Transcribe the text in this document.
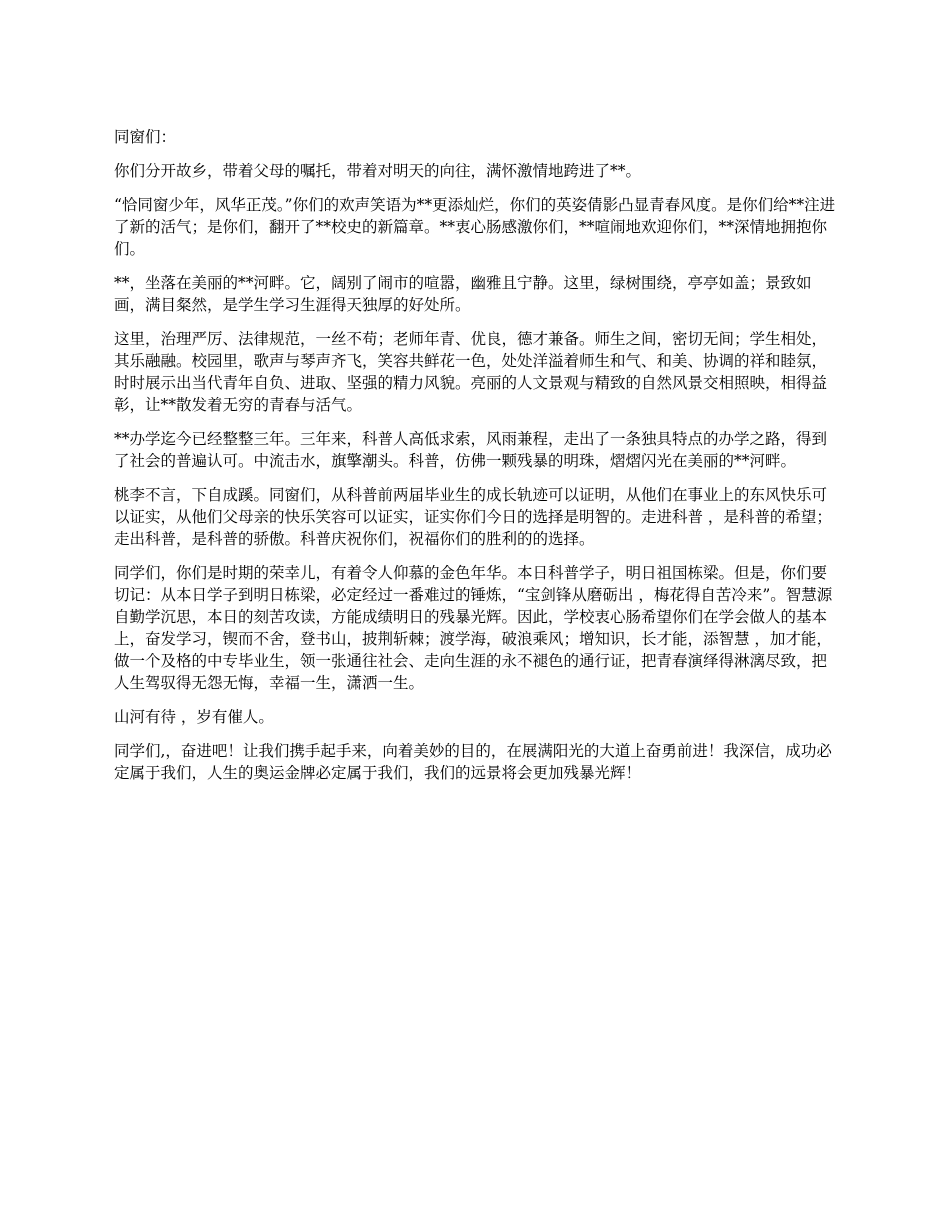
同窗们：

你们分开故乡，带着父母的嘱托，带着对明天的向往，满怀激情地跨进了**。

“恰同窗少年，风华正茂。”你们的欢声笑语为**更添灿烂，你们的英姿倩影凸显青春风度。是你们给**注进了新的活气；是你们，翻开了**校史的新篇章。**衷心肠感激你们，**喧闹地欢迎你们，**深情地拥抱你们。

**，坐落在美丽的**河畔。它，阔别了闹市的喧嚣，幽雅且宁静。这里，绿树围绕，亭亭如盖；景致如画，满目粲然，是学生学习生涯得天独厚的好处所。

这里，治理严厉、法律规范，一丝不苟；老师年青、优良，德才兼备。师生之间，密切无间；学生相处，其乐融融。校园里，歌声与琴声齐飞，笑容共鲜花一色，处处洋溢着师生和气、和美、协调的祥和睦氛，时时展示出当代青年自负、进取、坚强的精力风貌。亮丽的人文景观与精致的自然风景交相照映，相得益彰，让**散发着无穷的青春与活气。

**办学迄今已经整整三年。三年来，科普人高低求索，风雨兼程，走出了一条独具特点的办学之路，得到了社会的普遍认可。中流击水，旗擎潮头。科普，仿佛一颗残暴的明珠，熠熠闪光在美丽的**河畔。

桃李不言，下自成蹊。同窗们，从科普前两届毕业生的成长轨迹可以证明，从他们在事业上的东风快乐可以证实，从他们父母亲的快乐笑容可以证实，证实你们今日的选择是明智的。走进科普 ，是科普的希望；走出科普，是科普的骄傲。科普庆祝你们，祝福你们的胜利的的选择。

同学们，你们是时期的荣幸儿，有着令人仰慕的金色年华。本日科普学子，明日祖国栋梁。但是，你们要切记：从本日学子到明日栋梁，必定经过一番难过的锤炼，“宝剑锋从磨砺出 ，梅花得自苦冷来”。智慧源自勤学沉思，本日的刻苦攻读，方能成绩明日的残暴光辉。因此，学校衷心肠希望你们在学会做人的基本上，奋发学习，锲而不舍，登书山，披荆斩棘；渡学海，破浪乘风；增知识，长才能，添智慧 ，加才能，做一个及格的中专毕业生，领一张通往社会、走向生涯的永不褪色的通行证，把青春演绎得淋漓尽致，把人生驾驭得无怨无悔，幸福一生，潇洒一生。

山河有待 ，岁有催人。

同学们,，奋进吧！让我们携手起手来，向着美妙的目的，在展满阳光的大道上奋勇前进！我深信，成功必定属于我们，人生的奥运金牌必定属于我们，我们的远景将会更加残暴光辉！
